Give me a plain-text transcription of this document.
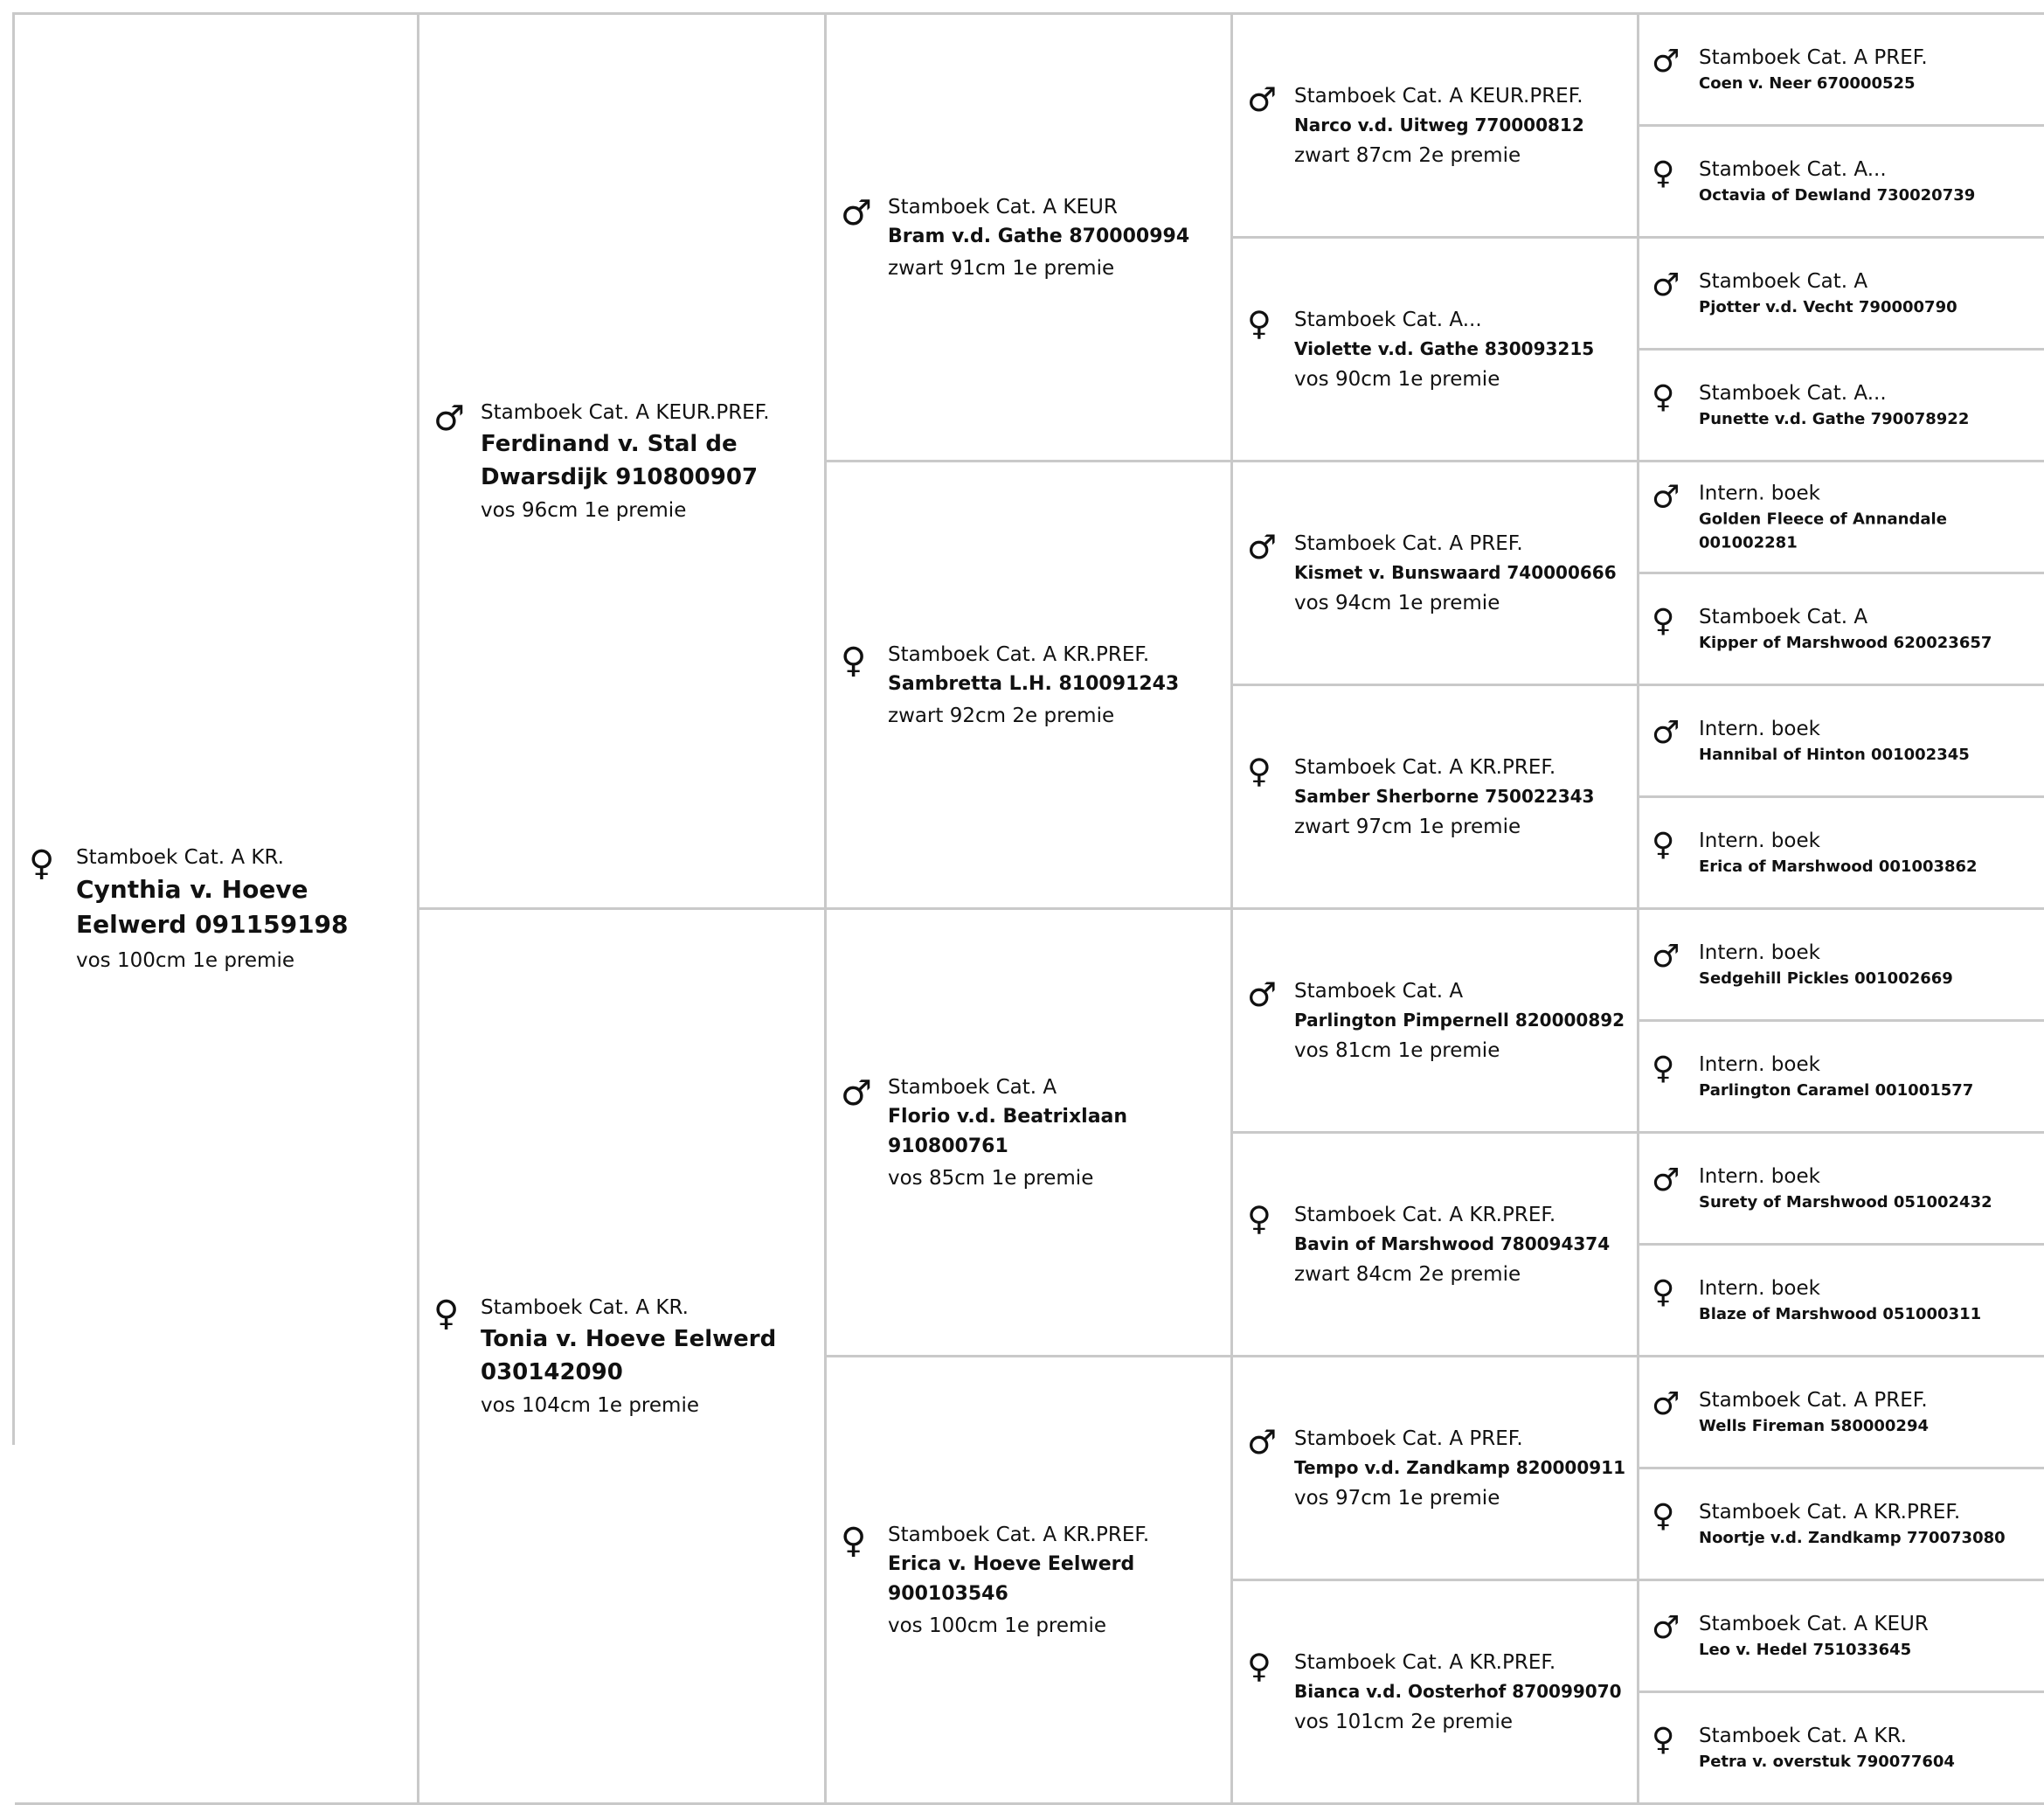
♀	Stamboek Cat. A KR.
Cynthia v. Hoeve Eelwerd 091159198
vos 100cm 1e premie
♂ Stamboek Cat. A KEUR.PREF.
Ferdinand v. Stal de Dwarsdijk 910800907
vos 96cm 1e premie
♀	Stamboek Cat. A KR.
Tonia v. Hoeve Eelwerd 030142090
vos 104cm 1e premie
♂ Stamboek Cat. A KEUR
Bram v.d. Gathe 870000994
zwart 91cm 1e premie
♀	Stamboek Cat. A KR.PREF.
Sambretta L.H. 810091243
zwart 92cm 2e premie
♂ Stamboek Cat. A
Florio v.d. Beatrixlaan 910800761
vos 85cm 1e premie
♀	Stamboek Cat. A KR.PREF.
Erica v. Hoeve Eelwerd 900103546
vos 100cm 1e premie
♂ Stamboek Cat. A KEUR.PREF.
Narco v.d. Uitweg 770000812
zwart 87cm 2e premie
♀	Stamboek Cat. A...
Violette v.d. Gathe 830093215
vos 90cm 1e premie
♂ Stamboek Cat. A PREF.
Kismet v. Bunswaard 740000666
vos 94cm 1e premie
♀	Stamboek Cat. A KR.PREF.
Samber Sherborne 750022343
zwart 97cm 1e premie
♂ Stamboek Cat. A
Parlington Pimpernell 820000892
vos 81cm 1e premie
♀	Stamboek Cat. A KR.PREF.
Bavin of Marshwood 780094374
zwart 84cm 2e premie
♂ Stamboek Cat. A PREF.
Tempo v.d. Zandkamp 820000911
vos 97cm 1e premie
♀	Stamboek Cat. A KR.PREF.
Bianca v.d. Oosterhof 870099070
vos 101cm 2e premie
♂ Stamboek Cat. A PREF.
Coen v. Neer 670000525
♀	Stamboek Cat. A...
Octavia of Dewland 730020739
♂ Stamboek Cat. A
Pjotter v.d. Vecht 790000790
♀	Stamboek Cat. A...
Punette v.d. Gathe 790078922
♂ Intern. boek
Golden Fleece of Annandale 001002281
♀	Stamboek Cat. A
Kipper of Marshwood 620023657
♂ Intern. boek
Hannibal of Hinton 001002345
♀	Intern. boek
Erica of Marshwood 001003862
♂ Intern. boek
Sedgehill Pickles 001002669
♀	Intern. boek
Parlington Caramel 001001577
♂ Intern. boek
Surety of Marshwood 051002432
♀	Intern. boek
Blaze of Marshwood 051000311
♂ Stamboek Cat. A PREF.
Wells Fireman 580000294
♀	Stamboek Cat. A KR.PREF.
Noortje v.d. Zandkamp 770073080
♂ Stamboek Cat. A KEUR
Leo v. Hedel 751033645
♀	Stamboek Cat. A KR.
Petra v. overstuk 790077604
